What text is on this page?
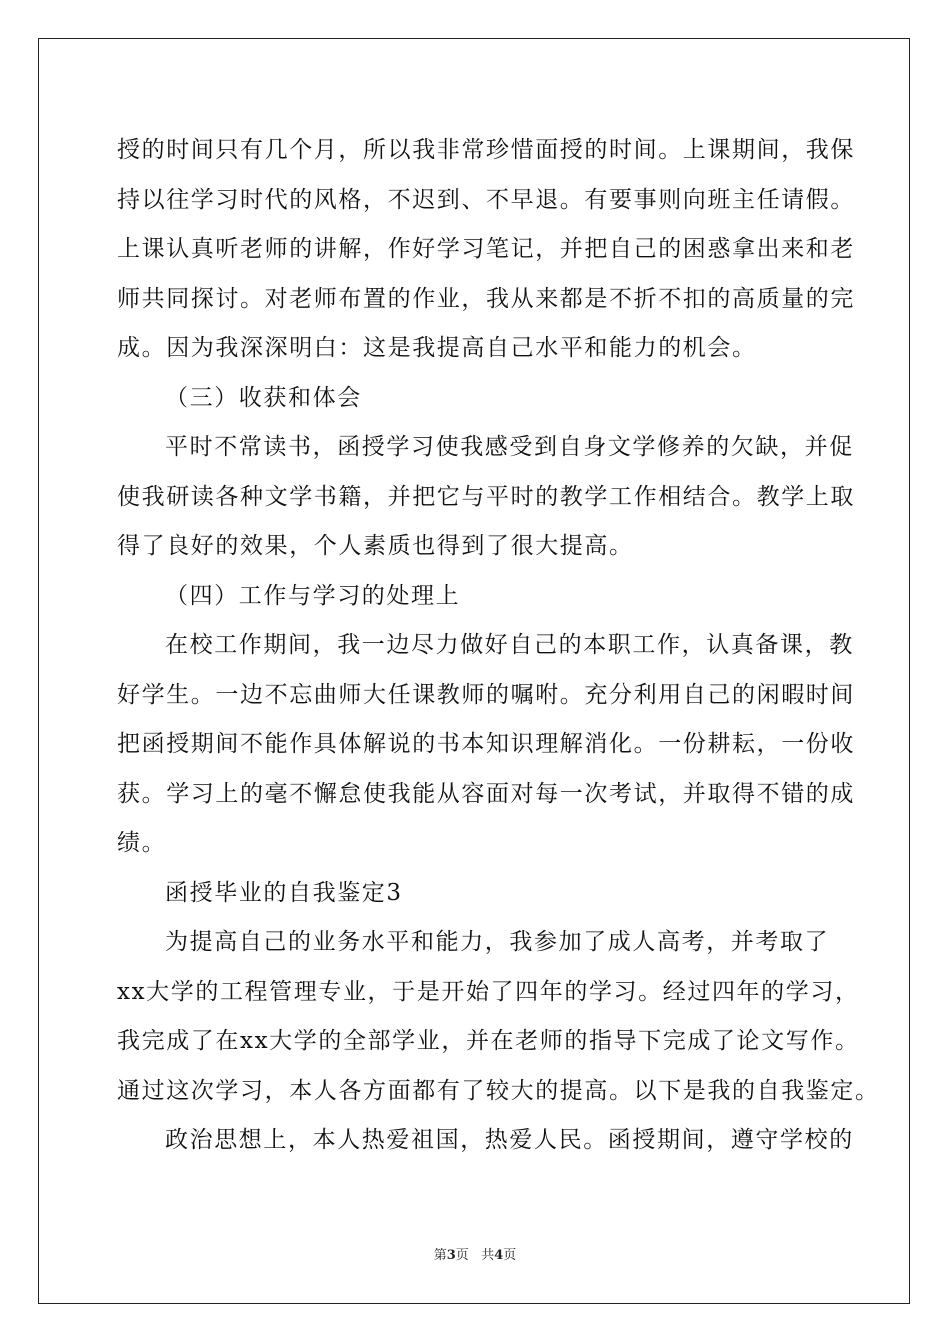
授的时间只有几个月，所以我非常珍惜面授的时间。上课期间，我保
持以往学习时代的风格，不迟到、不早退。有要事则向班主任请假。
上课认真听老师的讲解，作好学习笔记，并把自己的困惑拿出来和老
师共同探讨。对老师布置的作业，我从来都是不折不扣的高质量的完
成。因为我深深明白：这是我提高自己水平和能力的机会。
（三）收获和体会
平时不常读书，函授学习使我感受到自身文学修养的欠缺，并促
使我研读各种文学书籍，并把它与平时的教学工作相结合。教学上取
得了良好的效果，个人素质也得到了很大提高。
（四）工作与学习的处理上
在校工作期间，我一边尽力做好自己的本职工作，认真备课，教
好学生。一边不忘曲师大任课教师的嘱咐。充分利用自己的闲暇时间
把函授期间不能作具体解说的书本知识理解消化。一份耕耘，一份收
获。学习上的毫不懈怠使我能从容面对每一次考试，并取得不错的成
绩。
函授毕业的自我鉴定3
为提高自己的业务水平和能力，我参加了成人高考，并考取了
xx大学的工程管理专业，于是开始了四年的学习。经过四年的学习，
我完成了在xx大学的全部学业，并在老师的指导下完成了论文写作。
通过这次学习，本人各方面都有了较大的提高。以下是我的自我鉴定。
政治思想上，本人热爱祖国，热爱人民。函授期间，遵守学校的
第3页 共4页
